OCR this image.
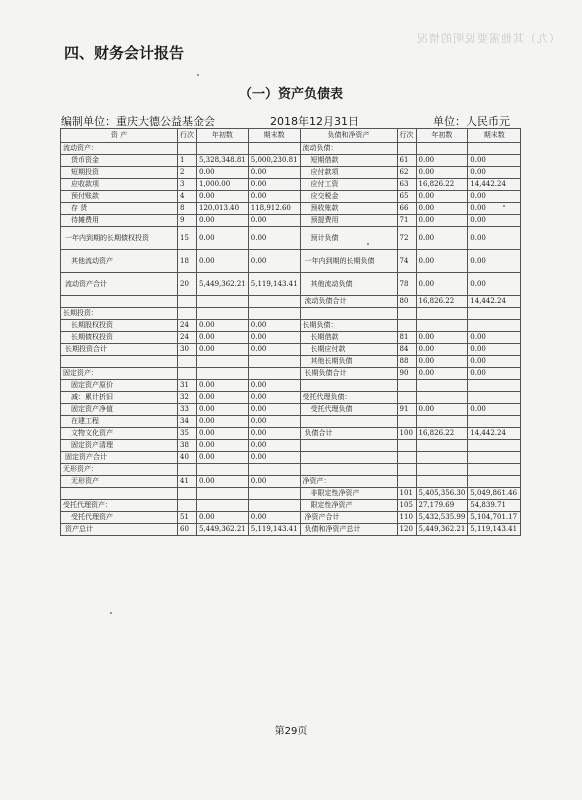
（九）其他需要说明的情况
四、财务会计报告
（一）资产负债表
编制单位：重庆大德公益基金会	2018年12月31日	单位：人民币元
资 产	行次	年初数	期末数	负债和净资产	行次	年初数	期末数
流动资产：				流动负债：			
货币资金	1	5,328,348.81	5,000,230.81	短期借款	61	0.00	0.00
短期投资	2	0.00	0.00	应付款项	62	0.00	0.00
应收款项	3	1,000.00	0.00	应付工资	63	16,826.22	14,442.24
预付账款	4	0.00	0.00	应交税金	65	0.00	0.00
存 货	8	120,013.40	118,912.60	预收账款	66	0.00	0.00
待摊费用	9	0.00	0.00	预提费用	71	0.00	0.00
一年内到期的长期债权投资	15	0.00	0.00	预计负债	72	0.00	0.00
其他流动资产	18	0.00	0.00	一年内到期的长期负债	74	0.00	0.00
流动资产合计	20	5,449,362.21	5,119,143.41	其他流动负债	78	0.00	0.00
				流动负债合计	80	16,826.22	14,442.24
长期投资：							
长期股权投资	24	0.00	0.00	长期负债：			
长期债权投资	24	0.00	0.00	长期借款	81	0.00	0.00
长期投资合计	30	0.00	0.00	长期应付款	84	0.00	0.00
				其他长期负债	88	0.00	0.00
固定资产：				长期负债合计	90	0.00	0.00
固定资产原价	31	0.00	0.00				
减：累计折旧	32	0.00	0.00	受托代理负债：			
固定资产净值	33	0.00	0.00	受托代理负债	91	0.00	0.00
在建工程	34	0.00	0.00				
文物文化资产	35	0.00	0.00	负债合计	100	16,826.22	14,442.24
固定资产清理	38	0.00	0.00				
固定资产合计	40	0.00	0.00				
无形资产：							
无形资产	41	0.00	0.00	净资产：			
				非限定性净资产	101	5,405,356.30	5,049,861.46
受托代理资产：				限定性净资产	105	27,179.69	54,839.71
受托代理资产	51	0.00	0.00	净资产合计	110	5,432,535.99	5,104,701.17
资产总计	60	5,449,362.21	5,119,143.41	负债和净资产总计	120	5,449,362.21	5,119,143.41
第29页
